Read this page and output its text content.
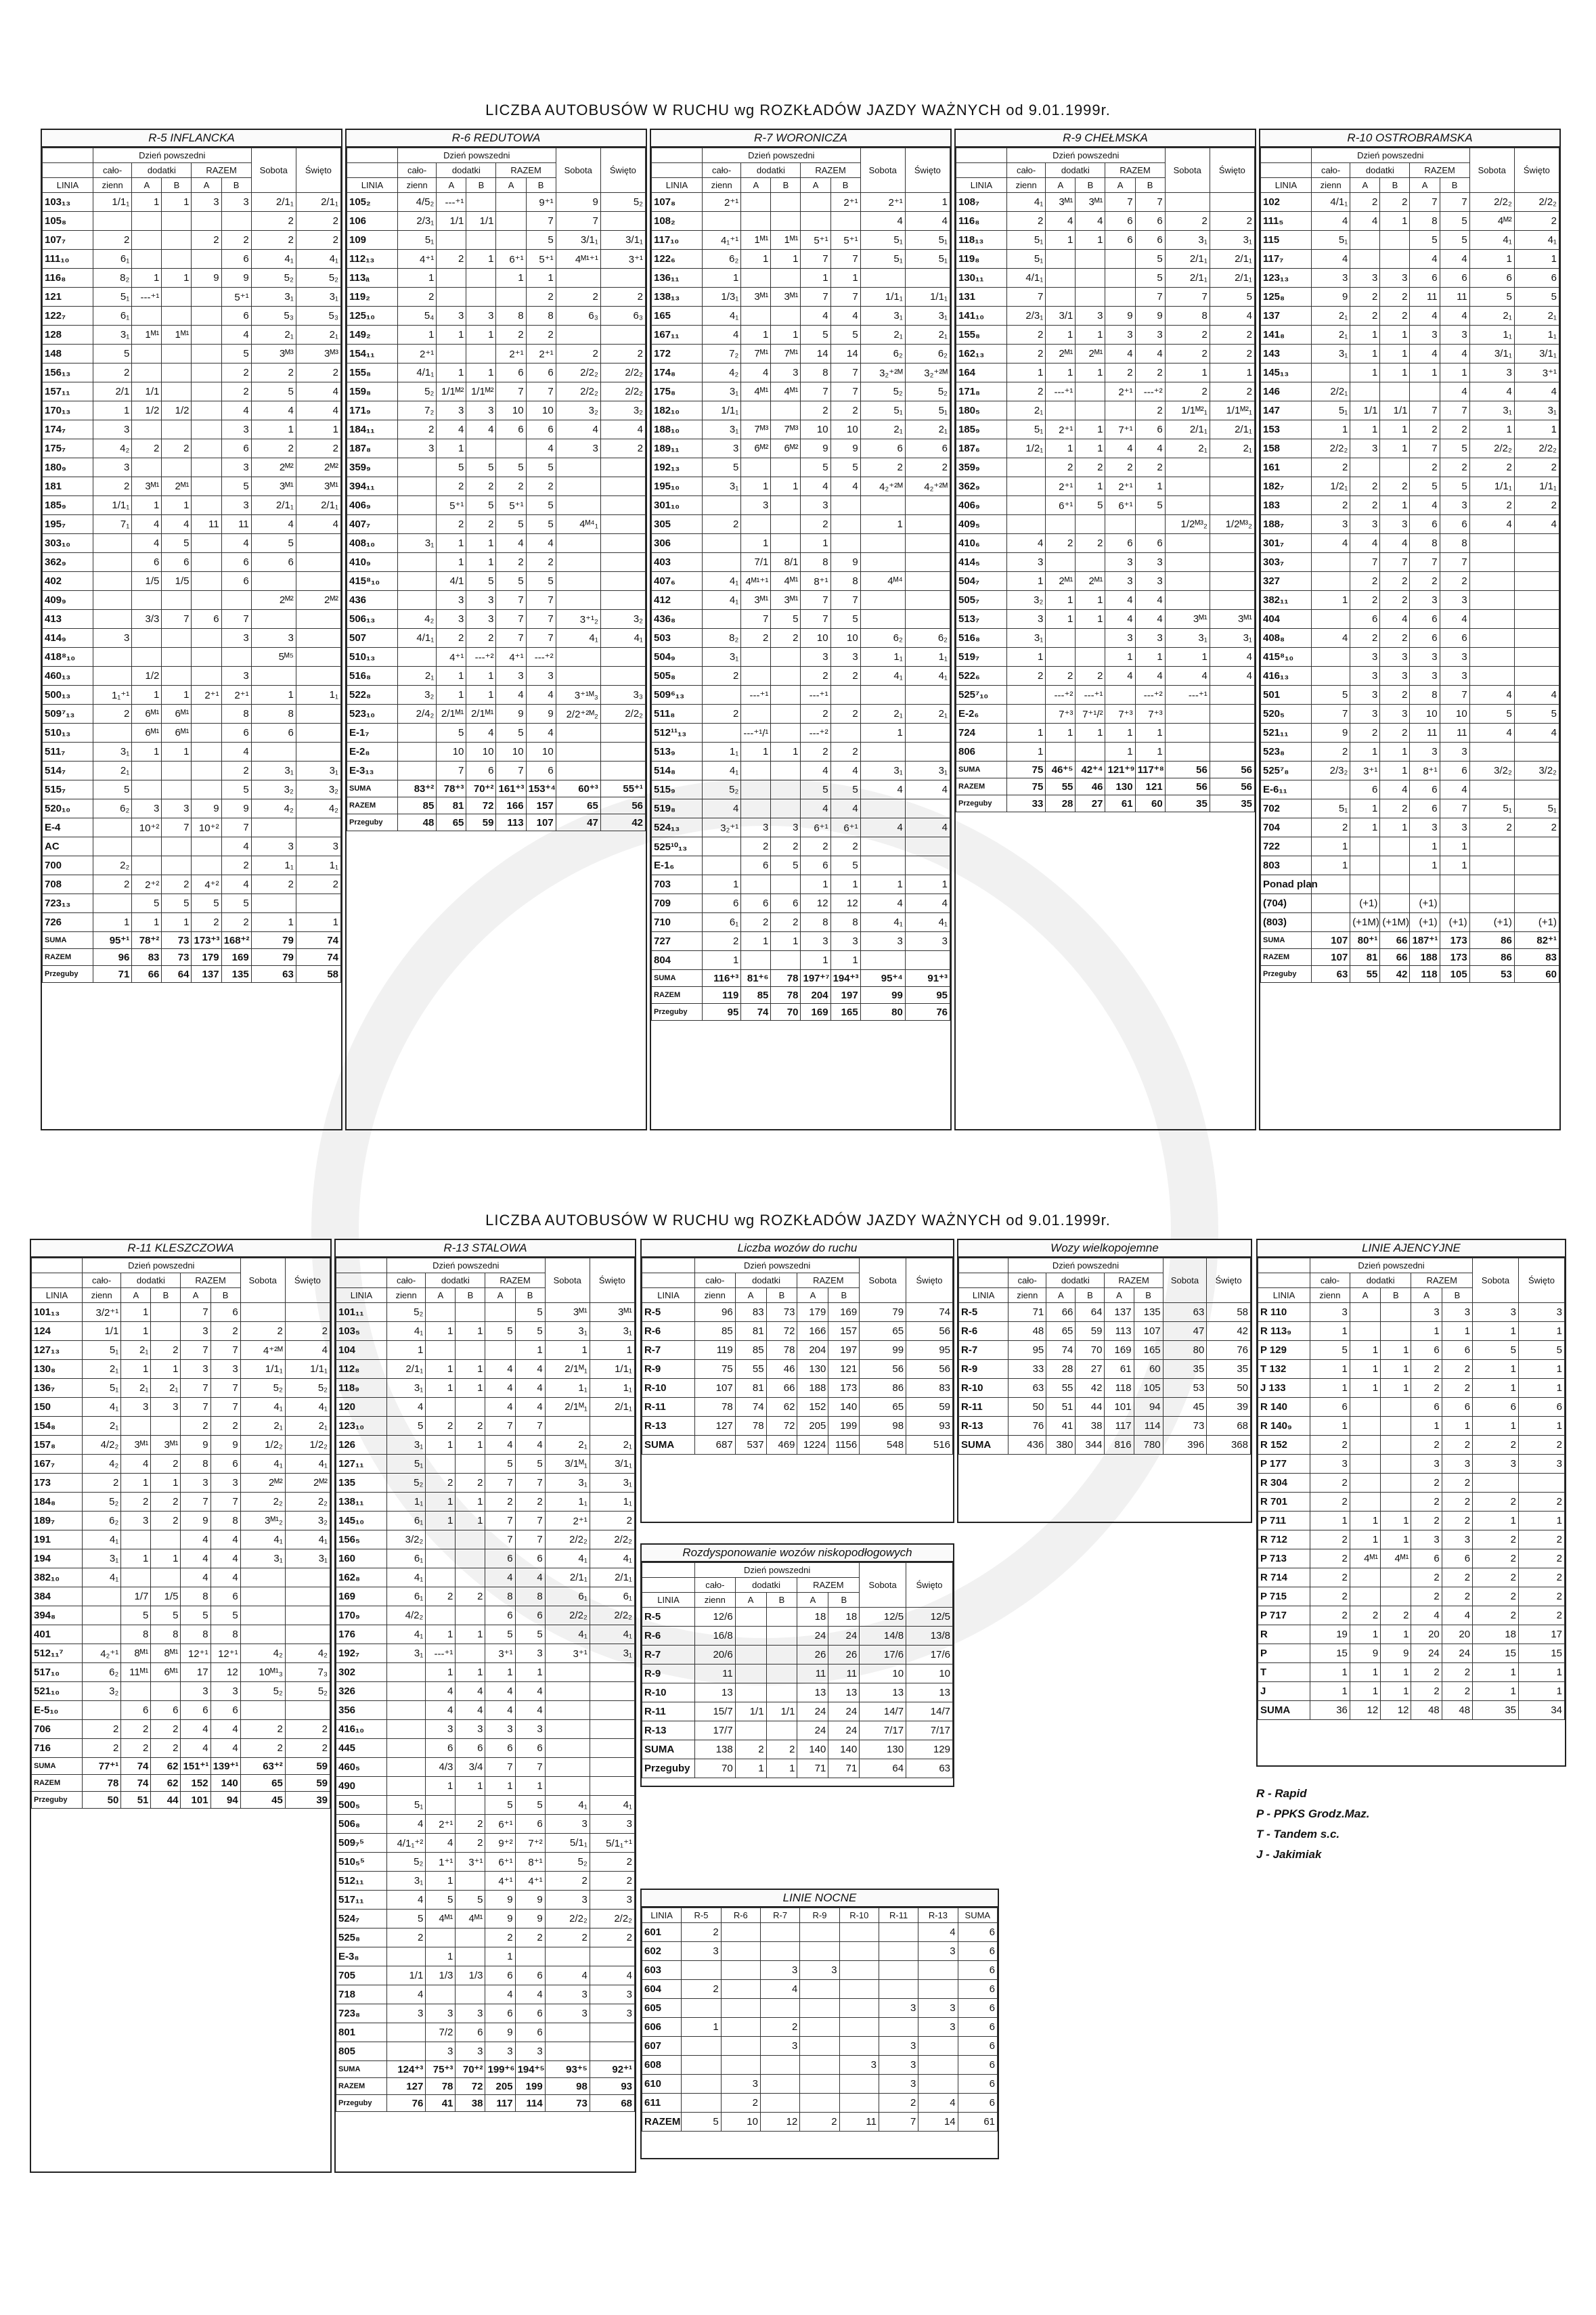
LICZBA AUTOBUSÓW W RUCHU wg ROZKŁADÓW JAZDY WAŻNYCH od 9.01.1999r.
R-5 INFLANCKA
	Dzień powszedni					Sobota	Święto
	cało-	dodatki		RAZEM			
LINIA	zienn	A	B	A	B		
103₁₃	1/1₁	1	1	3	3	2/1₁	2/1₁
105₈						2	2
107₇	2			2	2	2	2
111₁₀	6₁				6	4₁	4₁
116₈	8₂	1	1	9	9	5₂	5₂
121	5₁	---⁺¹			5⁺¹	3₁	3₁
122₇	6₁				6	5₃	5₃
128	3₁	1ᴹ¹	1ᴹ¹		4	2₁	2₁
148	5				5	3ᴹ³	3ᴹ³
156₁₃	2				2	2	2
157₁₁	2/1	1/1			2	5	4
170₁₃	1	1/2	1/2		4	4	4
174₇	3				3	1	1
175₇	4₂	2	2		6	2	2
180₉	3				3	2ᴹ²	2ᴹ²
181	2	3ᴹ¹	2ᴹ¹		5	3ᴹ¹	3ᴹ¹
185₉	1/1₁	1	1		3	2/1₁	2/1₁
195₇	7₁	4	4	11	11	4	4
303₁₀		4	5		4	5	
362₉		6	6		6	6	
402		1/5	1/5		6		
409₉						2ᴹ²	2ᴹ²
413		3/3	7	6	7		
414₉	3				3	3	
418⁸₁₀						5ᴹ⁵	
460₁₃		1/2			3		
500₁₃	1₁⁺¹	1	1	2⁺¹	2⁺¹	1	1₁
509⁷₁₃	2	6ᴹ¹	6ᴹ¹		8	8	
510₁₃		6ᴹ¹	6ᴹ¹		6	6	
511₇	3₁	1	1		4		
514₇	2₁				2	3₁	3₁
515₇	5				5	3₂	3₂
520₁₀	6₂	3	3	9	9	4₂	4₂
E-4		10⁺²	7	10⁺²	7		
AC					4	3	3
700	2₂				2	1₁	1₁
708	2	2⁺²	2	4⁺²	4	2	2
723₁₃		5	5	5	5		
726	1	1	1	2	2	1	1
SUMA	95⁺¹	78⁺²	73	173⁺³	168⁺²	79	74
RAZEM	96	83	73	179	169	79	74
Przeguby	71	66	64	137	135	63	58
R-6 REDUTOWA
	Dzień powszedni					Sobota	Święto
	cało-	dodatki		RAZEM			
LINIA	zienn	A	B	A	B		
105₂	4/5₂	---⁺¹			9⁺¹	9	5₂
106	2/3₁	1/1	1/1		7	7	
109	5₁				5	3/1₁	3/1₁
112₁₃	4⁺¹	2	1	6⁺¹	5⁺¹	4ᴹ¹⁺¹	3⁺¹
113ₐ	1			1	1		
119₂	2				2	2	2
125₁₀	5₄	3	3	8	8	6₃	6₃
149₂	1	1	1	2	2		
154₁₁	2⁺¹			2⁺¹	2⁺¹	2	2
155₈	4/1₁	1	1	6	6	2/2₂	2/2₂
159₈	5₂	1/1ᴹ²	1/1ᴹ²	7	7	2/2₂	2/2₂
171₉	7₂	3	3	10	10	3₂	3₂
184₁₁	2	4	4	6	6	4	4
187₈	3	1			4	3	2
359₉		5	5	5	5		
394₁₁		2	2	2	2		
406₉		5⁺¹	5	5⁺¹	5		
407₇		2	2	5	5	4ᴹ⁴₁	
408₁₀	3₁	1	1	4	4		
410₉		1	1	2	2		
415⁸₁₀		4/1	5	5	5		
436		3	3	7	7		
506₁₃	4₂	3	3	7	7	3⁺¹₂	3₂
507	4/1₁	2	2	7	7	4₁	4₁
510₁₃		4⁺¹	---⁺²	4⁺¹	---⁺²		
516₈	2₁	1	1	3	3		
522₈	3₂	1	1	4	4	3⁺¹ᴹ₃	3₃
523₁₀	2/4₂	2/1ᴹ¹	2/1ᴹ¹	9	9	2/2⁺²ᴹ₂	2/2₂
E-1₇		5	4	5	4		
E-2₈		10	10	10	10		
E-3₁₃		7	6	7	6		
SUMA	83⁺²	78⁺³	70⁺²	161⁺³	153⁺⁴	60⁺³	55⁺¹
RAZEM	85	81	72	166	157	65	56
Przeguby	48	65	59	113	107	47	42
R-7 WORONICZA
	Dzień powszedni					Sobota	Święto
	cało-	dodatki		RAZEM			
LINIA	zienn	A	B	A	B		
107₈	2⁺¹				2⁺¹	2⁺¹	1
108₂						4	4
117₁₀	4₁⁺¹	1ᴹ¹	1ᴹ¹	5⁺¹	5⁺¹	5₁	5₁
122₆	6₂	1	1	7	7	5₁	5₁
136₁₁	1			1	1		
138₁₃	1/3₁	3ᴹ¹	3ᴹ¹	7	7	1/1₁	1/1₁
165	4₁			4	4	3₁	3₁
167₁₁	4	1	1	5	5	2₁	2₁
172	7₂	7ᴹ¹	7ᴹ¹	14	14	6₂	6₂
174₈	4₂	4	3	8	7	3₂⁺²ᴹ	3₂⁺²ᴹ
175₈	3₁	4ᴹ¹	4ᴹ¹	7	7	5₂	5₂
182₁₀	1/1₁			2	2	5₁	5₁
188₁₀	3₁	7ᴹ³	7ᴹ³	10	10	2₁	2₁
189₁₁	3	6ᴹ²	6ᴹ²	9	9	6	6
192₁₃	5			5	5	2	2
195₁₀	3₁	1	1	4	4	4₂⁺²ᴹ	4₂⁺²ᴹ
301₁₀		3		3			
305	2			2		1	
306		1		1			
403		7/1	8/1	8	9		
407₆	4₁	4ᴹ¹⁺¹	4ᴹ¹	8⁺¹	8	4ᴹ⁴	
412	4₁	3ᴹ¹	3ᴹ¹	7	7		
436₈		7	5	7	5		
503	8₂	2	2	10	10	6₂	6₂
504₉	3₁			3	3	1₁	1₁
505₈	2			2	2	4₁	4₁
509⁶₁₃		---⁺¹		---⁺¹			
511₈	2			2	2	2₁	2₁
512¹¹₁₃		---⁺¹/¹		---⁺²		1	
513₉	1₁	1	1	2	2		
514₈	4₁			4	4	3₁	3₁
515₉	5₂			5	5	4	4
519₈	4			4	4		
524₁₃	3₂⁺¹	3	3	6⁺¹	6⁺¹	4	4
525¹⁰₁₃		2	2	2	2		
E-1₆		6	5	6	5		
703	1			1	1	1	1
709	6	6	6	12	12	4	4
710	6₁	2	2	8	8	4₁	4₁
727	2	1	1	3	3	3	3
804	1			1	1		
SUMA	116⁺³	81⁺⁶	78	197⁺⁷	194⁺³	95⁺⁴	91⁺³
RAZEM	119	85	78	204	197	99	95
Przeguby	95	74	70	169	165	80	76
R-9 CHEŁMSKA
	Dzień powszedni					Sobota	Święto
	cało-	dodatki		RAZEM			
LINIA	zienn	A	B	A	B		
108₇	4₁	3ᴹ¹	3ᴹ¹	7	7		
116₈	2	4	4	6	6	2	2
118₁₃	5₁	1	1	6	6	3₁	3₁
119₈	5₁				5	2/1₁	2/1₁
130₁₁	4/1₁				5	2/1₁	2/1₁
131	7				7	7	5
141₁₀	2/3₁	3/1	3	9	9	8	4
155₈	2	1	1	3	3	2	2
162₁₃	2	2ᴹ¹	2ᴹ¹	4	4	2	2
164	1	1	1	2	2	1	1
171₈	2	---⁺¹		2⁺¹	---⁺²	2	2
180₅	2₁				2	1/1ᴹ²₁	1/1ᴹ²₁
185₉	5₁	2⁺¹	1	7⁺¹	6	2/1₁	2/1₁
187₆	1/2₁	1	1	4	4	2₁	2₁
359₉		2	2	2	2		
362₉		2⁺¹	1	2⁺¹	1		
406₉		6⁺¹	5	6⁺¹	5		
409₅						1/2ᴹ³₂	1/2ᴹ³₂
410₆	4	2	2	6	6		
414₅	3			3	3		
504₇	1	2ᴹ¹	2ᴹ¹	3	3		
505₇	3₂	1	1	4	4		
513₇	3	1	1	4	4	3ᴹ¹	3ᴹ¹
516₈	3₁			3	3	3₁	3₁
519₇	1			1	1	1	4
522₆	2	2	2	4	4	4	4
525⁷₁₀		---⁺²	---⁺¹		---⁺²	---⁺¹	
E-2₆		7⁺³	7⁺¹/²	7⁺³	7⁺³		
724	1	1	1	1	1		
806	1			1	1		
SUMA	75	46⁺⁵	42⁺⁴	121⁺⁹	117⁺⁸	56	56
RAZEM	75	55	46	130	121	56	56
Przeguby	33	28	27	61	60	35	35
R-10 OSTROBRAMSKA
	Dzień powszedni					Sobota	Święto
	cało-	dodatki		RAZEM			
LINIA	zienn	A	B	A	B		
102	4/1₁	2	2	7	7	2/2₂	2/2₂
111₅	4	4	1	8	5	4ᴹ²	2
115	5₁			5	5	4₁	4₁
117₇	4			4	4	1	1
123₁₃	3	3	3	6	6	6	6
125₈	9	2	2	11	11	5	5
137	2₁	2	2	4	4	2₁	2₁
141₈	2₁	1	1	3	3	1₁	1₁
143	3₁	1	1	4	4	3/1₁	3/1₁
145₁₃		1	1	1	1	3	3⁺¹
146	2/2₁				4	4	4
147	5₁	1/1	1/1	7	7	3₁	3₁
153	1	1	1	2	2	1	1
158	2/2₂	3	1	7	5	2/2₂	2/2₂
161	2			2	2	2	2
182₇	1/2₁	2	2	5	5	1/1₁	1/1₁
183	2	2	1	4	3	2	2
188₇	3	3	3	6	6	4	4
301₇	4	4	4	8	8		
303₇		7	7	7	7		
327		2	2	2	2		
382₁₁	1	2	2	3	3		
404		6	4	6	4		
408₈	4	2	2	6	6		
415⁸₁₀		3	3	3	3		
416₁₃		3	3	3	3		
501	5	3	2	8	7	4	4
520₅	7	3	3	10	10	5	5
521₁₁	9	2	2	11	11	4	4
523₈	2	1	1	3	3		
525⁷₈	2/3₂	3⁺¹	1	8⁺¹	6	3/2₂	3/2₂
E-6₁₁		6	4	6	4		
702	5₁	1	2	6	7	5₁	5₁
704	2	1	1	3	3	2	2
722	1			1	1		
803	1			1	1		
Ponad plan							
(704)		(+1)		(+1)			
(803)		(+1M)	(+1M)	(+1)	(+1)	(+1)	(+1)
SUMA	107	80⁺¹	66	187⁺¹	173	86	82⁺¹
RAZEM	107	81	66	188	173	86	83
Przeguby	63	55	42	118	105	53	60
LICZBA AUTOBUSÓW W RUCHU wg ROZKŁADÓW JAZDY WAŻNYCH od 9.01.1999r.
R-11 KLESZCZOWA
	Dzień powszedni					Sobota	Święto
	cało-	dodatki		RAZEM			
LINIA	zienn	A	B	A	B		
101₁₃	3/2⁺¹	1		7	6		
124	1/1	1		3	2	2	2
127₁₃	5₁	2₁	2	7	7	4⁺²ᴹ	4
130₈	2₁	1	1	3	3	1/1₁	1/1₁
136₇	5₁	2₁	2₁	7	7	5₂	5₂
150	4₁	3	3	7	7	4₁	4₁
154₈	2₁			2	2	2₁	2₁
157₈	4/2₂	3ᴹ¹	3ᴹ¹	9	9	1/2₂	1/2₂
167₇	4₂	4	2	8	6	4₁	4₁
173	2	1	1	3	3	2ᴹ²	2ᴹ²
184₈	5₂	2	2	7	7	2₂	2₂
189₇	6₂	3	2	9	8	3ᴹ¹₂	3₂
191	4₁			4	4	4₁	4₁
194	3₁	1	1	4	4	3₁	3₁
382₁₀	4₁			4	4		
384		1/7	1/5	8	6		
394₈		5	5	5	5		
401		8	8	8	8		
512₁₁⁷	4₂⁺¹	8ᴹ¹	8ᴹ¹	12⁺¹	12⁺¹	4₂	4₂
517₁₀	6₂	11ᴹ¹	6ᴹ¹	17	12	10ᴹ¹₃	7₃
521₁₀	3₂			3	3	5₂	5₂
E-5₁₀		6	6	6	6		
706	2	2	2	4	4	2	2
716	2	2	2	4	4	2	2
SUMA	77⁺¹	74	62	151⁺¹	139⁺¹	63⁺²	59
RAZEM	78	74	62	152	140	65	59
Przeguby	50	51	44	101	94	45	39
R-13 STALOWA
	Dzień powszedni					Sobota	Święto
	cało-	dodatki		RAZEM			
LINIA	zienn	A	B	A	B		
101₁₁	5₂				5	3ᴹ¹	3ᴹ¹
103₅	4₁	1	1	5	5	3₁	3₁
104	1				1	1	1
112₈	2/1₁	1	1	4	4	2/1ᴹ₁	1/1₁
118₉	3₁	1	1	4	4	1₁	1₁
120	4			4	4	2/1ᴹ₁	2/1₁
123₁₀	5	2	2	7	7		
126	3₁	1	1	4	4	2₁	2₁
127₁₁	5₁			5	5	3/1ᴹ₁	3/1₁
135	5₂	2	2	7	7	3₁	3₁
138₁₁	1₁	1	1	2	2	1₁	1₁
145₁₀	6₁	1	1	7	7	2⁺¹	2
156₅	3/2₂			7	7	2/2₂	2/2₂
160	6₁			6	6	4₁	4₁
162₈	4₁			4	4	2/1₁	2/1₁
169	6₁	2	2	8	8	6₁	6₁
170₉	4/2₂			6	6	2/2₂	2/2₂
176	4₁	1	1	5	5	4₁	4₁
192₇	3₁	---⁺¹		3⁺¹	3	3⁺¹	3₁
302		1	1	1	1		
326		4	4	4	4		
356		4	4	4	4		
416₁₀		3	3	3	3		
445		6	6	6	6		
460₅		4/3	3/4	7	7		
490		1	1	1	1		
500₅	5₁			5	5	4₁	4₁
506₈	4	2⁺¹	2	6⁺¹	6	3	3
509₇⁵	4/1₁⁺²	4	2	9⁺²	7⁺²	5/1₁	5/1₁⁺¹
510₅⁵	5₂	1⁺¹	3⁺¹	6⁺¹	8⁺¹	5₂	2
512₁₁	3₁	1		4⁺¹	4⁺¹	2	2
517₁₁	4	5	5	9	9	3	3
524₇	5	4ᴹ¹	4ᴹ¹	9	9	2/2₂	2/2₂
525₈	2			2	2	2	2
E-3₈		1		1			
705	1/1	1/3	1/3	6	6	4	4
718	4			4	4	3	3
723₈	3	3	3	6	6	3	3
801		7/2	6	9	6		
805		3	3	3	3		
SUMA	124⁺³	75⁺³	70⁺²	199⁺⁶	194⁺⁵	93⁺⁵	92⁺¹
RAZEM	127	78	72	205	199	98	93
Przeguby	76	41	38	117	114	73	68
Liczba wozów do ruchu
	Dzień powszedni					Sobota	Święto
	cało-	dodatki		RAZEM			
LINIA	zienn	A	B	A	B		
R-5	96	83	73	179	169	79	74
R-6	85	81	72	166	157	65	56
R-7	119	85	78	204	197	99	95
R-9	75	55	46	130	121	56	56
R-10	107	81	66	188	173	86	83
R-11	78	74	62	152	140	65	59
R-13	127	78	72	205	199	98	93
SUMA	687	537	469	1224	1156	548	516
Wozy wielkopojemne
	Dzień powszedni					Sobota	Święto
	cało-	dodatki		RAZEM			
LINIA	zienn	A	B	A	B		
R-5	71	66	64	137	135	63	58
R-6	48	65	59	113	107	47	42
R-7	95	74	70	169	165	80	76
R-9	33	28	27	61	60	35	35
R-10	63	55	42	118	105	53	50
R-11	50	51	44	101	94	45	39
R-13	76	41	38	117	114	73	68
SUMA	436	380	344	816	780	396	368
LINIE AJENCYJNE
	Dzień powszedni					Sobota	Święto
	cało-	dodatki		RAZEM			
LINIA	zienn	A	B	A	B		
R 110	3			3	3	3	3
R 113₉	1			1	1	1	1
P 129	5	1	1	6	6	5	5
T 132	1	1	1	2	2	1	1
J 133	1	1	1	2	2	1	1
R 140	6			6	6	6	6
R 140₉	1			1	1	1	1
R 152	2			2	2	2	2
P 177	3			3	3	3	3
R 304	2			2	2		
R 701	2			2	2	2	2
P 711	1	1	1	2	2	1	1
R 712	2	1	1	3	3	2	2
P 713	2	4ᴹ¹	4ᴹ¹	6	6	2	2
R 714	2			2	2	2	2
P 715	2			2	2	2	2
P 717	2	2	2	4	4	2	2
R	19	1	1	20	20	18	17
P	15	9	9	24	24	15	15
T	1	1	1	2	2	1	1
J	1	1	1	2	2	1	1
SUMA	36	12	12	48	48	35	34
Rozdysponowanie wozów niskopodłogowych
	Dzień powszedni					Sobota	Święto
	cało-	dodatki		RAZEM			
LINIA	zienn	A	B	A	B		
R-5	12/6			18	18	12/5	12/5
R-6	16/8			24	24	14/8	13/8
R-7	20/6			26	26	17/6	17/6
R-9	11			11	11	10	10
R-10	13			13	13	13	13
R-11	15/7	1/1	1/1	24	24	14/7	14/7
R-13	17/7			24	24	7/17	7/17
SUMA	138	2	2	140	140	130	129
Przeguby	70	1	1	71	71	64	63
R - Rapid
P - PPKS Grodz.Maz.
T - Tandem s.c.
J - Jakimiak
LINIE NOCNE
LINIA	R-5	R-6	R-7	R-9	R-10	R-11	R-13	SUMA
601	2						4	6
602	3						3	6
603			3	3				6
604	2		4					6
605						3	3	6
606	1		2				3	6
607			3			3		6
608					3	3		6
610		3				3		6
611		2				2	4	6
RAZEM	5	10	12	2	11	7	14	61
